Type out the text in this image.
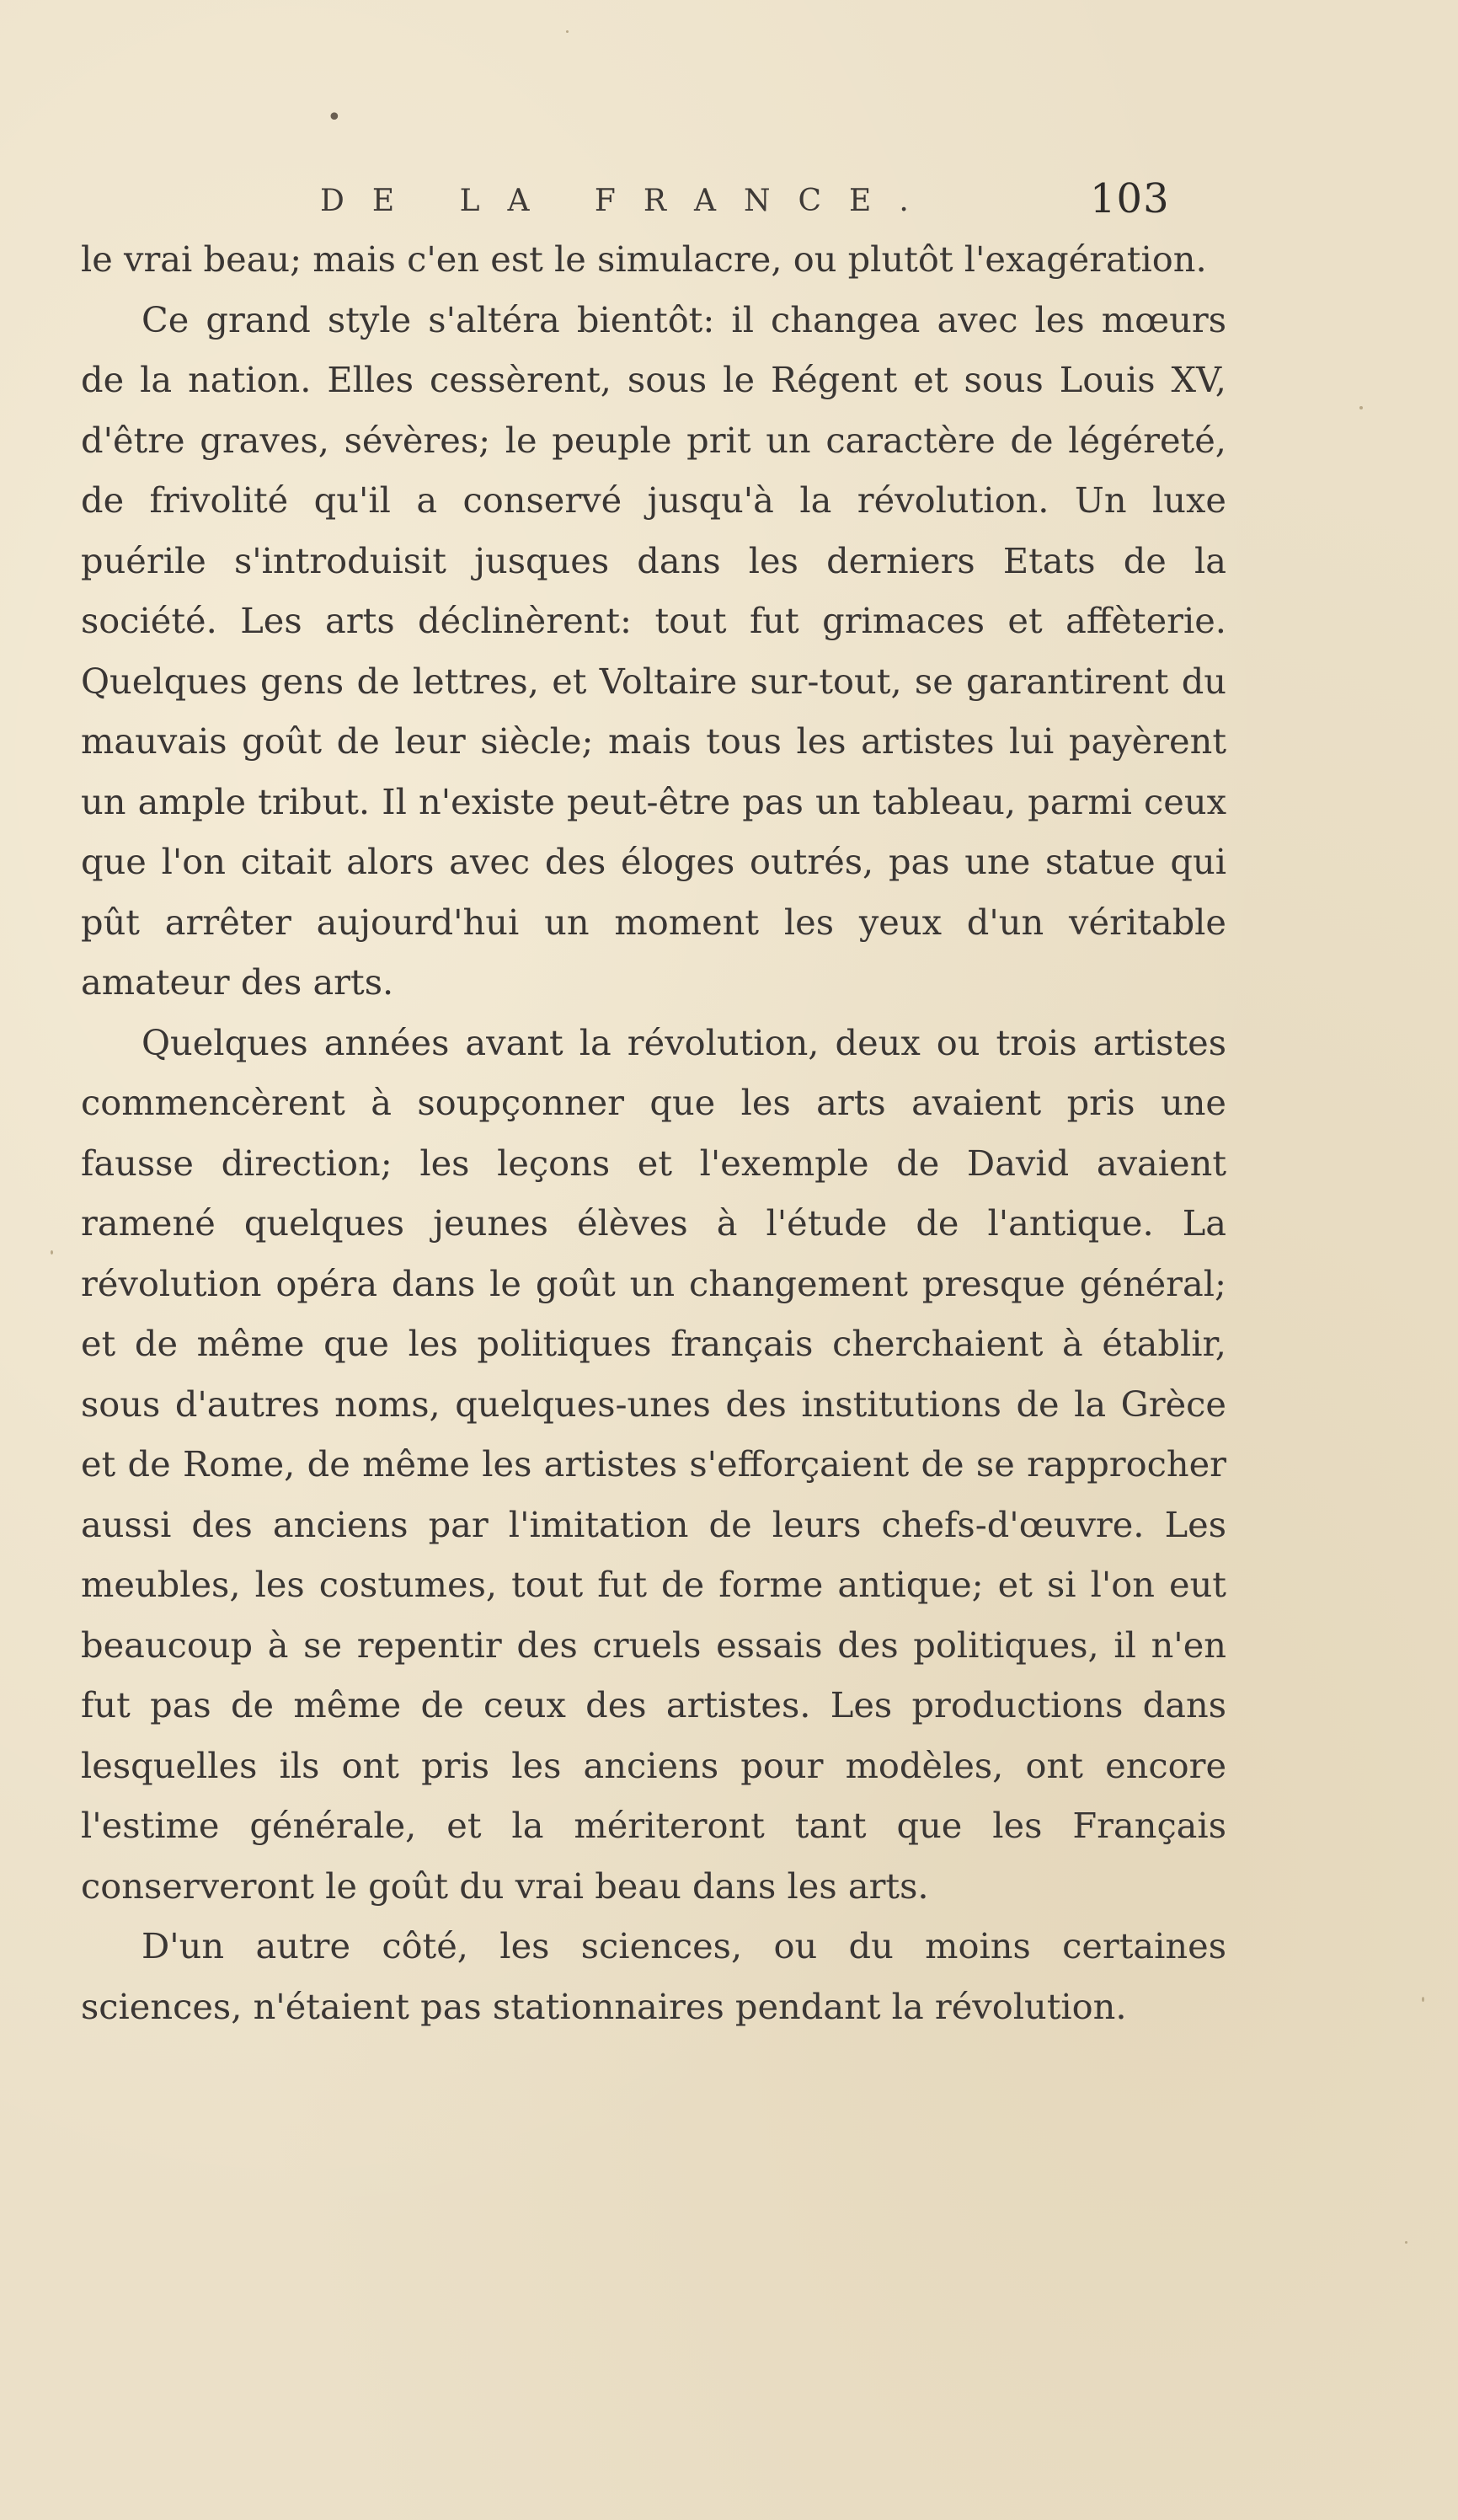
•
DE LA FRANCE.	103

le vrai beau; mais c'en est le simulacre, ou plutôt l'exagération.

Ce grand style s'altéra bientôt: il changea avec les mœurs de la nation. Elles cessèrent, sous le Régent et sous Louis XV, d'être graves, sévères; le peuple prit un caractère de légéreté, de frivolité qu'il a conservé jusqu'à la révolution. Un luxe puérile s'introduisit jusques dans les derniers Etats de la société. Les arts déclinèrent: tout fut grimaces et affèterie. Quelques gens de lettres, et Voltaire sur-tout, se garantirent du mauvais goût de leur siècle; mais tous les artistes lui payèrent un ample tribut. Il n'existe peut-être pas un tableau, parmi ceux que l'on citait alors avec des éloges outrés, pas une statue qui pût arrêter aujourd'hui un moment les yeux d'un véritable amateur des arts.

Quelques années avant la révolution, deux ou trois artistes commencèrent à soupçonner que les arts avaient pris une fausse direction; les leçons et l'exemple de David avaient ramené quelques jeunes élèves à l'étude de l'antique. La révolution opéra dans le goût un changement presque général; et de même que les politiques français cherchaient à établir, sous d'autres noms, quelques-unes des institutions de la Grèce et de Rome, de même les artistes s'efforçaient de se rapprocher aussi des anciens par l'imitation de leurs chefs-d'œuvre. Les meubles, les costumes, tout fut de forme antique; et si l'on eut beaucoup à se repentir des cruels essais des politiques, il n'en fut pas de même de ceux des artistes. Les productions dans lesquelles ils ont pris les anciens pour modèles, ont encore l'estime générale, et la mériteront tant que les Français conserveront le goût du vrai beau dans les arts.

D'un autre côté, les sciences, ou du moins certaines sciences, n'étaient pas stationnaires pendant la révolution.
